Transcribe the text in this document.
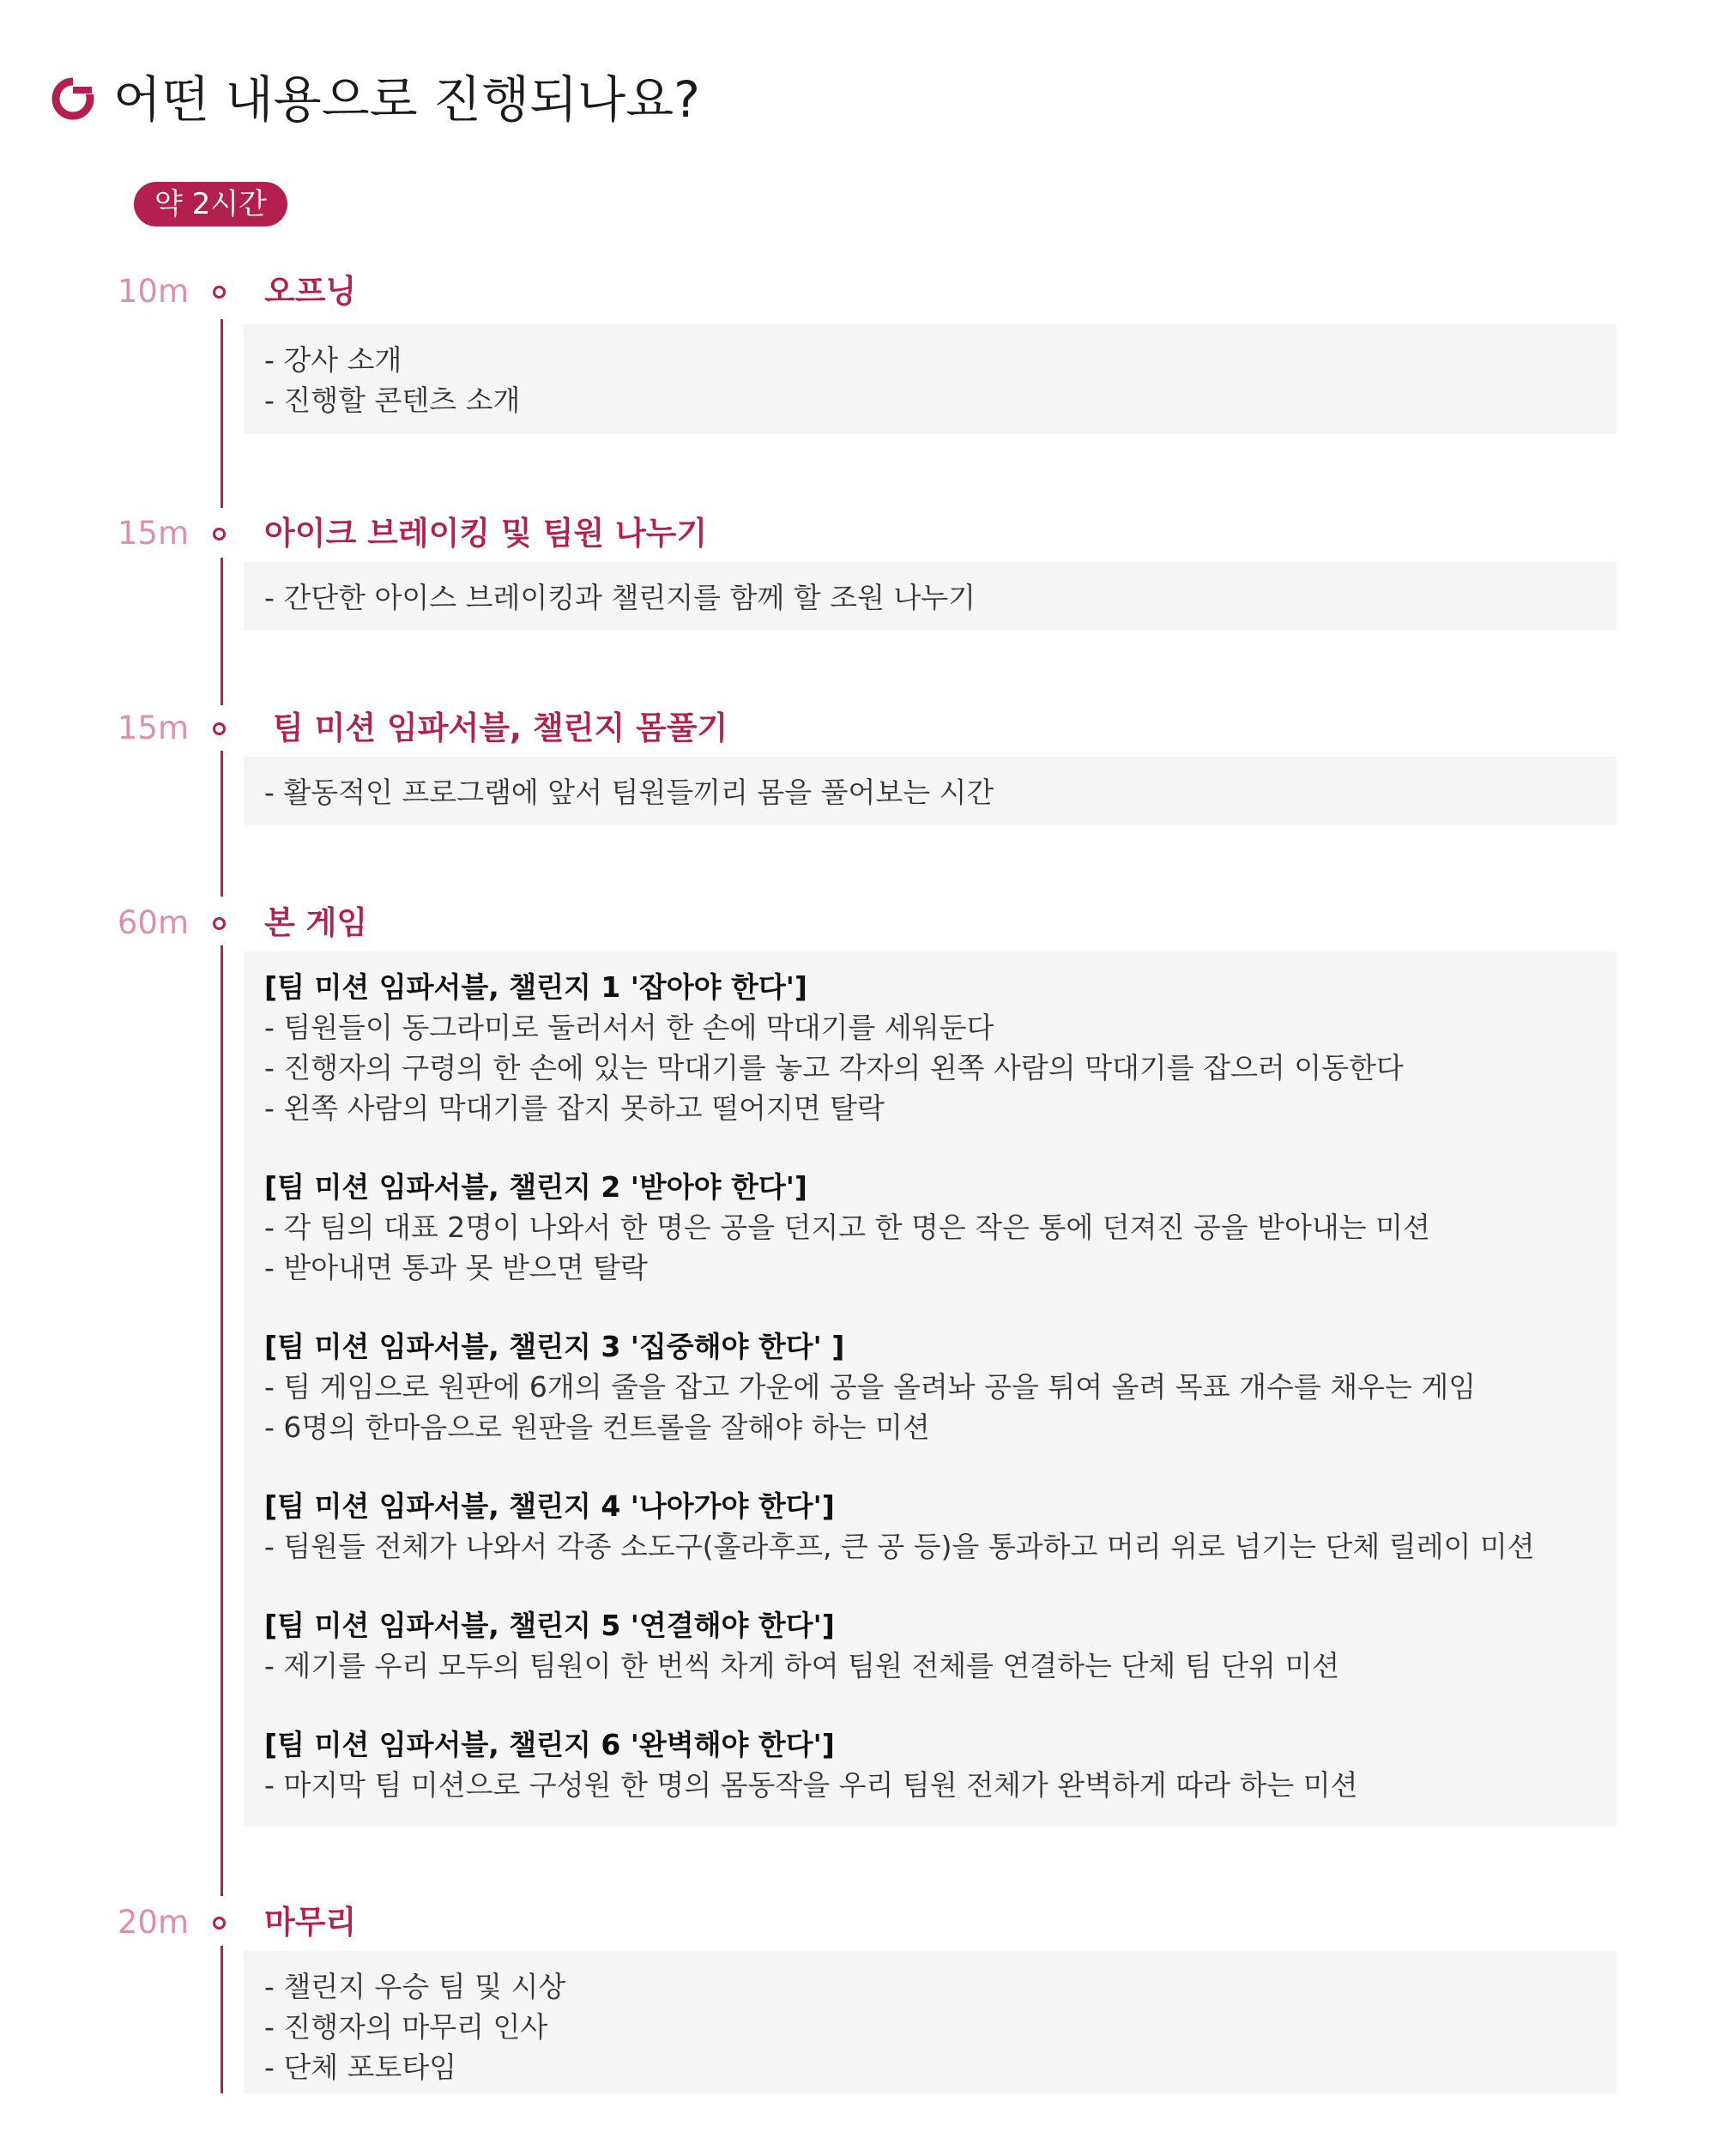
어떤 내용으로 진행되나요?
약 2시간
10m 오프닝
- 강사 소개
- 진행할 콘텐츠 소개
15m 아이크 브레이킹 및 팀원 나누기
- 간단한 아이스 브레이킹과 챌린지를 함께 할 조원 나누기
15m	팀 미션 임파서블, 챌린지 몸풀기
- 활동적인 프로그램에 앞서 팀원들끼리 몸을 풀어보는 시간
60m 본 게임
[팀 미션 임파서블, 챌린지 1 '잡아야 한다']
- 팀원들이 동그라미로 둘러서서 한 손에 막대기를 세워둔다
- 진행자의 구령의 한 손에 있는 막대기를 놓고 각자의 왼쪽 사람의 막대기를 잡으러 이동한다
- 왼쪽 사람의 막대기를 잡지 못하고 떨어지면 탈락
[팀 미션 임파서블, 챌린지 2 '받아야 한다']
- 각 팀의 대표 2명이 나와서 한 명은 공을 던지고 한 명은 작은 통에 던져진 공을 받아내는 미션
- 받아내면 통과 못 받으면 탈락
[팀 미션 임파서블, 챌린지 3 '집중해야 한다' ]
- 팀 게임으로 원판에 6개의 줄을 잡고 가운에 공을 올려놔 공을 튀여 올려 목표 개수를 채우는 게임
- 6명의 한마음으로 원판을 컨트롤을 잘해야 하는 미션
[팀 미션 임파서블, 챌린지 4 '나아가야 한다']
- 팀원들 전체가 나와서 각종 소도구(훌라후프, 큰 공 등)을 통과하고 머리 위로 넘기는 단체 릴레이 미션
[팀 미션 임파서블, 챌린지 5 '연결해야 한다']
- 제기를 우리 모두의 팀원이 한 번씩 차게 하여 팀원 전체를 연결하는 단체 팀 단위 미션
[팀 미션 임파서블, 챌린지 6 '완벽해야 한다']
- 마지막 팀 미션으로 구성원 한 명의 몸동작을 우리 팀원 전체가 완벽하게 따라 하는 미션
20m 마무리
- 챌린지 우승 팀 및 시상
- 진행자의 마무리 인사
- 단체 포토타임
